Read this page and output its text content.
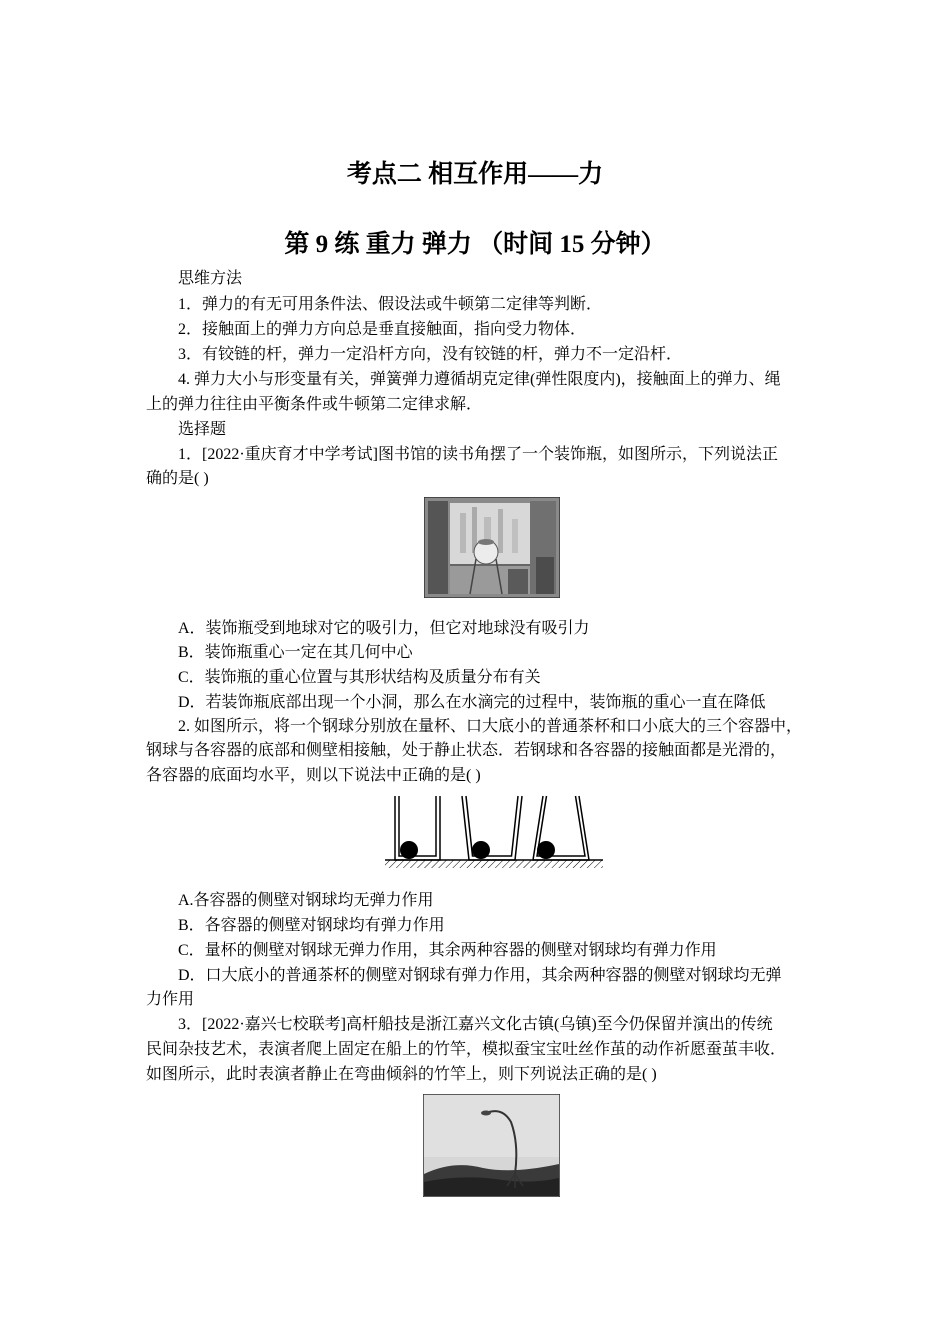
考点二 相互作用——力
第 9 练 重力 弹力 （时间 15 分钟）
思维方法
1．弹力的有无可用条件法、假设法或牛顿第二定律等判断．
2．接触面上的弹力方向总是垂直接触面，指向受力物体．
3．有铰链的杆，弹力一定沿杆方向，没有铰链的杆，弹力不一定沿杆．
4. 弹力大小与形变量有关，弹簧弹力遵循胡克定律(弹性限度内)，接触面上的弹力、绳
上的弹力往往由平衡条件或牛顿第二定律求解．
选择题
1．[2022·重庆育才中学考试]图书馆的读书角摆了一个装饰瓶，如图所示，下列说法正
确的是( )
A．装饰瓶受到地球对它的吸引力，但它对地球没有吸引力
B．装饰瓶重心一定在其几何中心
C．装饰瓶的重心位置与其形状结构及质量分布有关
D．若装饰瓶底部出现一个小洞，那么在水滴完的过程中，装饰瓶的重心一直在降低
2. 如图所示，将一个钢球分别放在量杯、口大底小的普通茶杯和口小底大的三个容器中，
钢球与各容器的底部和侧壁相接触，处于静止状态．若钢球和各容器的接触面都是光滑的，
各容器的底面均水平，则以下说法中正确的是( )
A.各容器的侧壁对钢球均无弹力作用
B．各容器的侧壁对钢球均有弹力作用
C．量杯的侧壁对钢球无弹力作用，其余两种容器的侧壁对钢球均有弹力作用
D．口大底小的普通茶杯的侧壁对钢球有弹力作用，其余两种容器的侧壁对钢球均无弹
力作用
3．[2022·嘉兴七校联考]高杆船技是浙江嘉兴文化古镇(乌镇)至今仍保留并演出的传统
民间杂技艺术，表演者爬上固定在船上的竹竿，模拟蚕宝宝吐丝作茧的动作祈愿蚕茧丰收．
如图所示，此时表演者静止在弯曲倾斜的竹竿上，则下列说法正确的是( )
